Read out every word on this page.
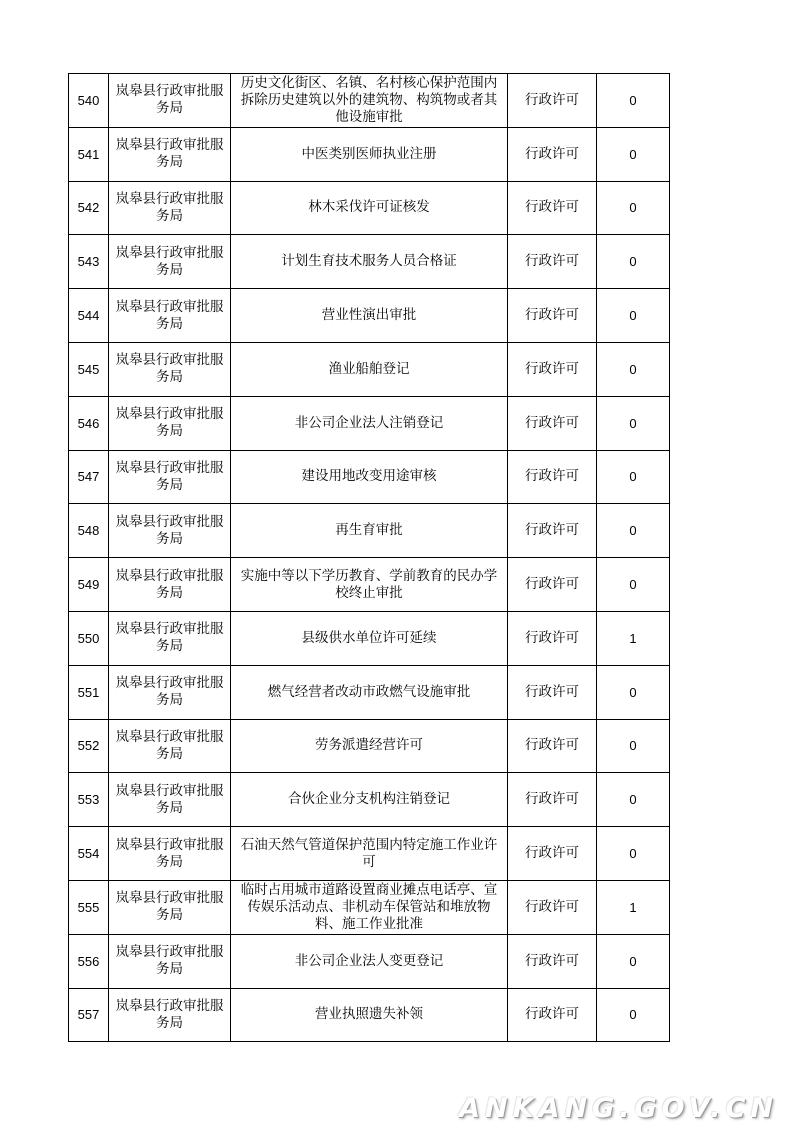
540	岚皋县行政审批服务局	历史文化街区、名镇、名村核心保护范围内拆除历史建筑以外的建筑物、构筑物或者其他设施审批	行政许可	0
541	岚皋县行政审批服务局	中医类别医师执业注册	行政许可	0
542	岚皋县行政审批服务局	林木采伐许可证核发	行政许可	0
543	岚皋县行政审批服务局	计划生育技术服务人员合格证	行政许可	0
544	岚皋县行政审批服务局	营业性演出审批	行政许可	0
545	岚皋县行政审批服务局	渔业船舶登记	行政许可	0
546	岚皋县行政审批服务局	非公司企业法人注销登记	行政许可	0
547	岚皋县行政审批服务局	建设用地改变用途审核	行政许可	0
548	岚皋县行政审批服务局	再生育审批	行政许可	0
549	岚皋县行政审批服务局	实施中等以下学历教育、学前教育的民办学校终止审批	行政许可	0
550	岚皋县行政审批服务局	县级供水单位许可延续	行政许可	1
551	岚皋县行政审批服务局	燃气经营者改动市政燃气设施审批	行政许可	0
552	岚皋县行政审批服务局	劳务派遣经营许可	行政许可	0
553	岚皋县行政审批服务局	合伙企业分支机构注销登记	行政许可	0
554	岚皋县行政审批服务局	石油天然气管道保护范围内特定施工作业许可	行政许可	0
555	岚皋县行政审批服务局	临时占用城市道路设置商业摊点电话亭、宣传娱乐活动点、非机动车保管站和堆放物料、施工作业批准	行政许可	1
556	岚皋县行政审批服务局	非公司企业法人变更登记	行政许可	0
557	岚皋县行政审批服务局	营业执照遗失补领	行政许可	0
ANKANG.GOV.CN
